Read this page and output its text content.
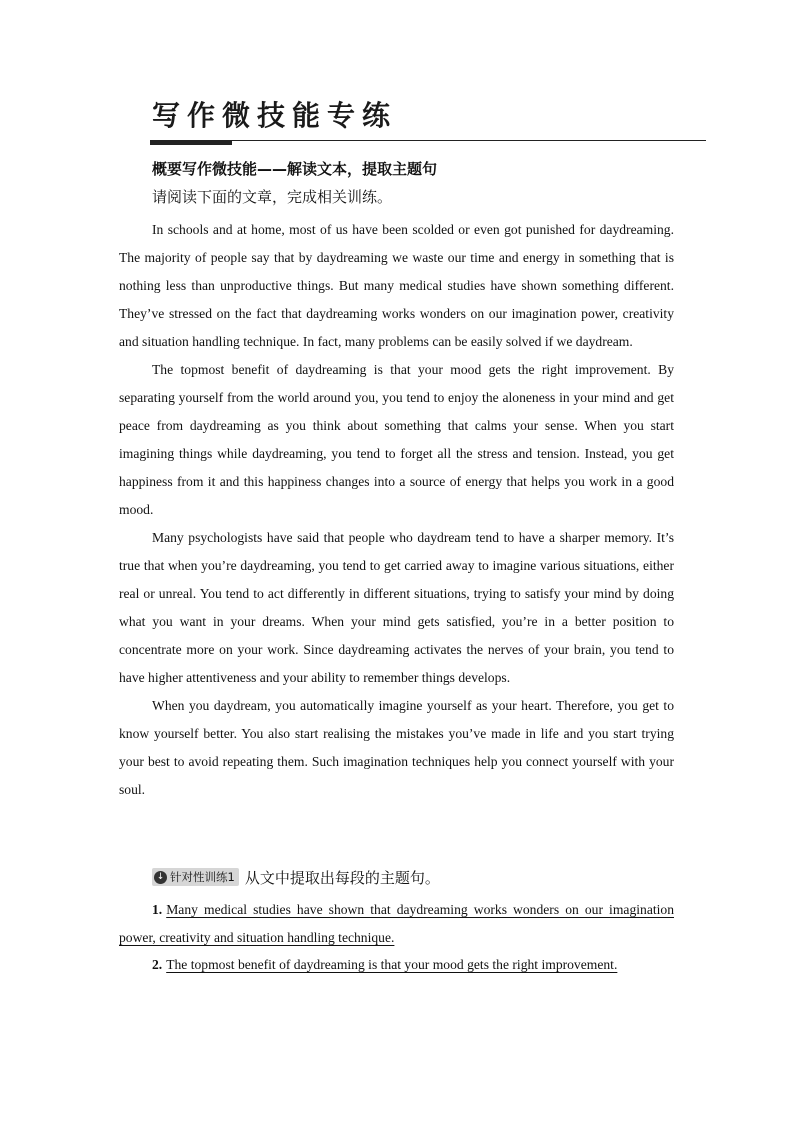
写作微技能专练
概要写作微技能——解读文本，提取主题句
请阅读下面的文章，完成相关训练。

In schools and at home, most of us have been scolded or even got punished for daydreaming. The majority of people say that by daydreaming we waste our time and energy in something that is nothing less than unproductive things. But many medical studies have shown something different. They’ve stressed on the fact that daydreaming works wonders on our imagination power, creativity and situation handling technique. In fact, many problems can be easily solved if we daydream.

The topmost benefit of daydreaming is that your mood gets the right improvement. By separating yourself from the world around you, you tend to enjoy the aloneness in your mind and get peace from daydreaming as you think about something that calms your sense. When you start imagining things while daydreaming, you tend to forget all the stress and tension. Instead, you get happiness from it and this happiness changes into a source of energy that helps you work in a good mood.

Many psychologists have said that people who daydream tend to have a sharper memory. It’s true that when you’re daydreaming, you tend to get carried away to imagine various situations, either real or unreal. You tend to act differently in different situations, trying to satisfy your mind by doing what you want in your dreams. When your mind gets satisfied, you’re in a better position to concentrate more on your work. Since daydreaming activates the nerves of your brain, you tend to have higher attentiveness and your ability to remember things develops.

When you daydream, you automatically imagine yourself as your heart. Therefore, you get to know yourself better. You also start realising the mistakes you’ve made in life and you start trying your best to avoid repeating them. Such imagination techniques help you connect yourself with your soul.

↓ 针对性训练1 从文中提取出每段的主题句。

1. Many medical studies have shown that daydreaming works wonders on our imagination power, creativity and situation handling technique.

2. The topmost benefit of daydreaming is that your mood gets the right improvement.
